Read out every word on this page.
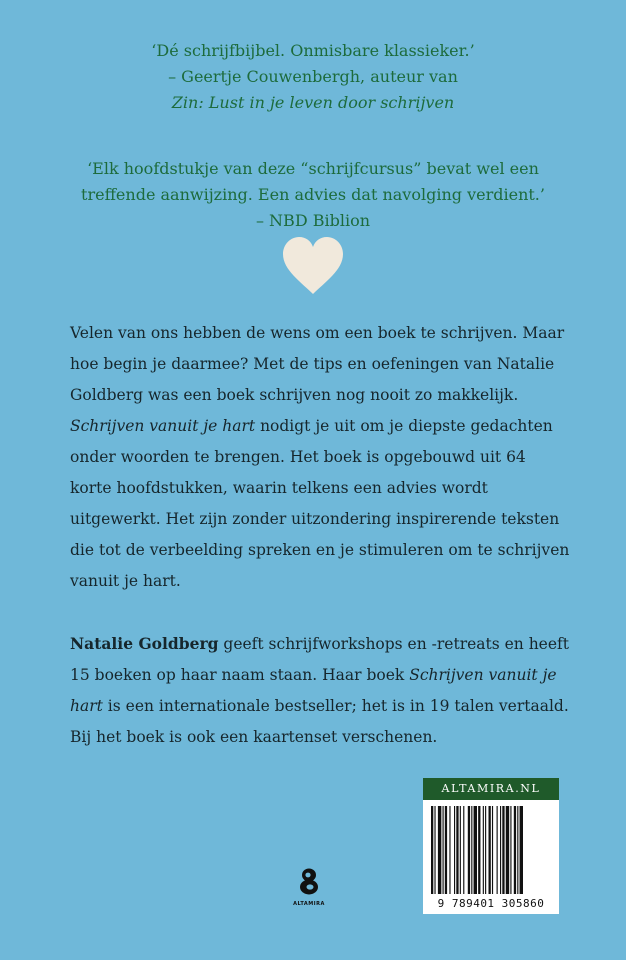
‘Dé schrijfbijbel. Onmisbare klassieker.’

– Geertje Couwenbergh, auteur van

Zin: Lust in je leven door schrijven

‘Elk hoofdstukje van deze “schrijfcursus” bevat wel een

treffende aanwijzing. Een advies dat navolging verdient.’

– NBD Biblion

Velen van ons hebben de wens om een boek te schrijven. Maar hoe begin je daarmee? Met de tips en oefeningen van Natalie Goldberg was een boek schrijven nog nooit zo makkelijk. Schrijven vanuit je hart nodigt je uit om je diepste gedachten onder woorden te brengen. Het boek is opgebouwd uit 64 korte hoofdstukken, waarin telkens een advies wordt uitgewerkt. Het zijn zonder uitzondering inspirerende teksten die tot de verbeelding spreken en je stimuleren om te schrijven vanuit je hart.

Natalie Goldberg geeft schrijfworkshops en -retreats en heeft 15 boeken op haar naam staan. Haar boek Schrijven vanuit je hart is een internationale bestseller; het is in 19 talen vertaald. Bij het boek is ook een kaartenset verschenen.

ALTAMIRA
ALTAMIRA.NL
9 789401 305860
